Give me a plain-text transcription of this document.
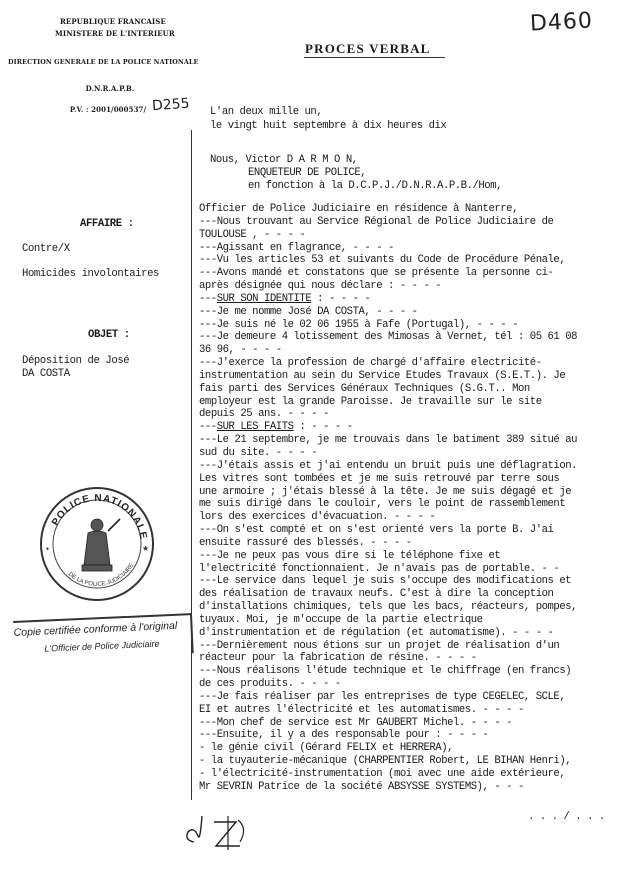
D460
REPUBLIQUE FRANCAISE
MINISTERE DE L'INTERIEUR
DIRECTION GENERALE DE LA POLICE NATIONALE
D.N.R.A.P.B.
P.V. : 2001/000537/ D255
PROCES VERBAL
L'an deux mille un,
le vingt huit septembre à dix heures dix
Nous, Victor D A R M O N,
ENQUETEUR DE POLICE,
en fonction à la D.C.P.J./D.N.R.A.P.B./Hom,
AFFAIRE :
Contre/X
Homicides involontaires
OBJET :
Déposition de José
DA COSTA
Officier de Police Judiciaire en résidence à Nanterre,
---Nous trouvant au Service Régional de Police Judiciaire de
TOULOUSE , - - - -
---Agissant en flagrance, - - - -
---Vu les articles 53 et suivants du Code de Procédure Pénale,
---Avons mandé et constatons que se présente la personne ci-
après désignée qui nous déclare : - - - -
---SUR SON IDENTITE : - - - -
---Je me nomme José DA COSTA, - - - -
---Je suis né le 02 06 1955 à Fafe (Portugal), - - - -
---Je demeure 4 lotissement des Mimosas à Vernet, tél : 05 61 08
36 96, - - - -
---J'exerce la profession de chargé d'affaire electricité-
instrumentation au sein du Service Etudes Travaux (S.E.T.). Je
fais parti des Services Généraux Techniques (S.G.T.. Mon
employeur est la grande Paroisse. Je travaille sur le site
depuis 25 ans. - - - -
---SUR LES FAITS : - - - -
---Le 21 septembre, je me trouvais dans le batiment 389 situé au
sud du site. - - - -
---J'étais assis et j'ai entendu un bruit puis une déflagration.
Les vitres sont tombées et je me suis retrouvé par terre sous
une armoire ; j'étais blessé à la tête. Je me suis dégagé et je
me suis dirigé dans le couloir, vers le point de rassemblement
lors des exercices d'évacuation. - - - -
---On s'est compté et on s'est orienté vers la porte B. J'ai
ensuite rassuré des blessés. - - - -
---Je ne peux pas vous dire si le téléphone fixe et
l'electricité fonctionnaient. Je n'avais pas de portable. - -
---Le service dans lequel je suis s'occupe des modifications et
des réalisation de travaux neufs. C'est à dire la conception
d'installations chimiques, tels que les bacs, réacteurs, pompes,
tuyaux. Moi, je m'occupe de la partie electrique
d'instrumentation et de régulation (et automatisme). - - - -
---Dernièrement nous étions sur un projet de réalisation d'un
réacteur pour la fabrication de résine. - - - -
---Nous réalisons l'étude technique et le chiffrage (en francs)
de ces produits. - - - -
---Je fais réaliser par les entreprises de type CEGELEC, SCLE,
EI et autres l'électricité et les automatismes. - - - -
---Mon chef de service est Mr GAUBERT Michel. - - - -
---Ensuite, il y a des responsable pour : - - - -
- le génie civil (Gérard FELIX et HERRERA),
- la tuyauterie-mécanique (CHARPENTIER Robert, LE BIHAN Henri),
- l'électricité-instrumentation (moi avec une aide extérieure,
Mr SEVRIN Patrice de la société ABSYSSE SYSTEMS), - - -
. . . / . . .
POLICE NATIONALE
DE LA POLICE JUDICIAIRE
✦	★

Copie certifiée conforme à l'original

L'Officier de Police Judiciaire
